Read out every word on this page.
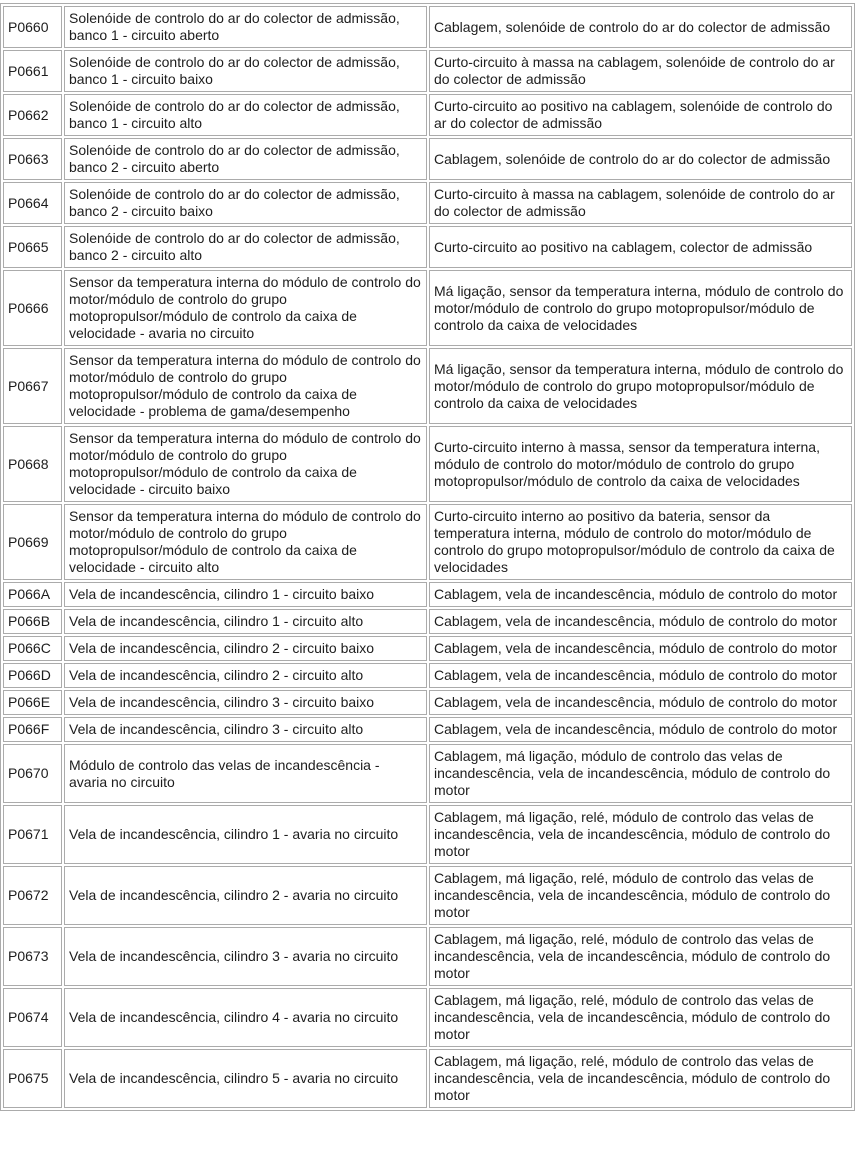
P0660	Solenóide de controlo do ar do colector de admissão, banco 1 - circuito aberto	Cablagem, solenóide de controlo do ar do colector de admissão
P0661	Solenóide de controlo do ar do colector de admissão, banco 1 - circuito baixo	Curto-circuito à massa na cablagem, solenóide de controlo do ar do colector de admissão
P0662	Solenóide de controlo do ar do colector de admissão, banco 1 - circuito alto	Curto-circuito ao positivo na cablagem, solenóide de controlo do ar do colector de admissão
P0663	Solenóide de controlo do ar do colector de admissão, banco 2 - circuito aberto	Cablagem, solenóide de controlo do ar do colector de admissão
P0664	Solenóide de controlo do ar do colector de admissão, banco 2 - circuito baixo	Curto-circuito à massa na cablagem, solenóide de controlo do ar do colector de admissão
P0665	Solenóide de controlo do ar do colector de admissão, banco 2 - circuito alto	Curto-circuito ao positivo na cablagem, colector de admissão
P0666	Sensor da temperatura interna do módulo de controlo do motor/módulo de controlo do grupo motopropulsor/módulo de controlo da caixa de velocidade - avaria no circuito	Má ligação, sensor da temperatura interna, módulo de controlo do motor/módulo de controlo do grupo motopropulsor/módulo de controlo da caixa de velocidades
P0667	Sensor da temperatura interna do módulo de controlo do motor/módulo de controlo do grupo motopropulsor/módulo de controlo da caixa de velocidade - problema de gama/desempenho	Má ligação, sensor da temperatura interna, módulo de controlo do motor/módulo de controlo do grupo motopropulsor/módulo de controlo da caixa de velocidades
P0668	Sensor da temperatura interna do módulo de controlo do motor/módulo de controlo do grupo motopropulsor/módulo de controlo da caixa de velocidade - circuito baixo	Curto-circuito interno à massa, sensor da temperatura interna, módulo de controlo do motor/módulo de controlo do grupo motopropulsor/módulo de controlo da caixa de velocidades
P0669	Sensor da temperatura interna do módulo de controlo do motor/módulo de controlo do grupo motopropulsor/módulo de controlo da caixa de velocidade - circuito alto	Curto-circuito interno ao positivo da bateria, sensor da temperatura interna, módulo de controlo do motor/módulo de controlo do grupo motopropulsor/módulo de controlo da caixa de velocidades
P066A	Vela de incandescência, cilindro 1 - circuito baixo	Cablagem, vela de incandescência, módulo de controlo do motor
P066B	Vela de incandescência, cilindro 1 - circuito alto	Cablagem, vela de incandescência, módulo de controlo do motor
P066C	Vela de incandescência, cilindro 2 - circuito baixo	Cablagem, vela de incandescência, módulo de controlo do motor
P066D	Vela de incandescência, cilindro 2 - circuito alto	Cablagem, vela de incandescência, módulo de controlo do motor
P066E	Vela de incandescência, cilindro 3 - circuito baixo	Cablagem, vela de incandescência, módulo de controlo do motor
P066F	Vela de incandescência, cilindro 3 - circuito alto	Cablagem, vela de incandescência, módulo de controlo do motor
P0670	Módulo de controlo das velas de incandescência - avaria no circuito	Cablagem, má ligação, módulo de controlo das velas de incandescência, vela de incandescência, módulo de controlo do motor
P0671	Vela de incandescência, cilindro 1 - avaria no circuito	Cablagem, má ligação, relé, módulo de controlo das velas de incandescência, vela de incandescência, módulo de controlo do motor
P0672	Vela de incandescência, cilindro 2 - avaria no circuito	Cablagem, má ligação, relé, módulo de controlo das velas de incandescência, vela de incandescência, módulo de controlo do motor
P0673	Vela de incandescência, cilindro 3 - avaria no circuito	Cablagem, má ligação, relé, módulo de controlo das velas de incandescência, vela de incandescência, módulo de controlo do motor
P0674	Vela de incandescência, cilindro 4 - avaria no circuito	Cablagem, má ligação, relé, módulo de controlo das velas de incandescência, vela de incandescência, módulo de controlo do motor
P0675	Vela de incandescência, cilindro 5 - avaria no circuito	Cablagem, má ligação, relé, módulo de controlo das velas de incandescência, vela de incandescência, módulo de controlo do motor
